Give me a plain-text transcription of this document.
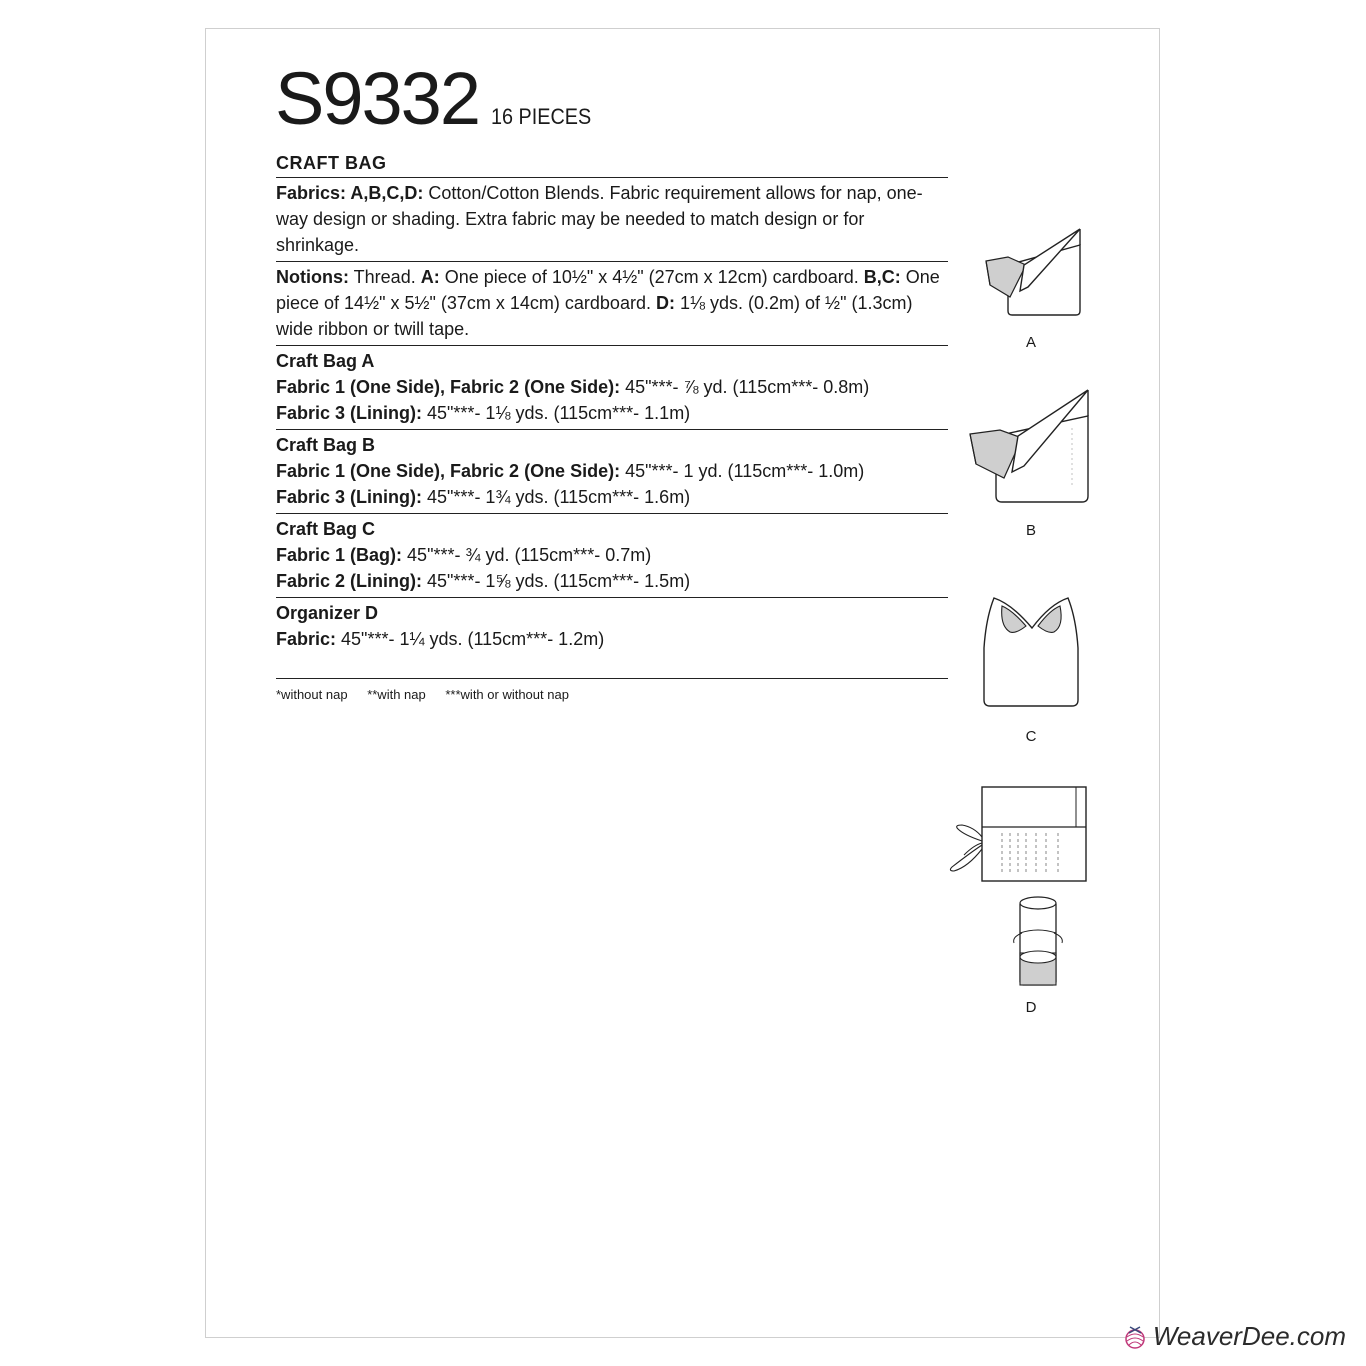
S9332 16 PIECES
CRAFT BAG
Fabrics: A,B,C,D: Cotton/Cotton Blends. Fabric requirement allows for nap, one-way design or shading. Extra fabric may be needed to match design or for shrinkage.
Notions: Thread. A: One piece of 10½" x 4½" (27cm x 12cm) cardboard. B,C: One piece of 14½" x 5½" (37cm x 14cm) cardboard. D: 1⅛ yds. (0.2m) of ½" (1.3cm) wide ribbon or twill tape.
Craft Bag A
Fabric 1 (One Side), Fabric 2 (One Side): 45"***- ⅞ yd. (115cm***- 0.8m)
Fabric 3 (Lining): 45"***- 1⅛ yds. (115cm***- 1.1m)
Craft Bag B
Fabric 1 (One Side), Fabric 2 (One Side): 45"***- 1 yd. (115cm***- 1.0m)
Fabric 3 (Lining): 45"***- 1¾ yds. (115cm***- 1.6m)
Craft Bag C
Fabric 1 (Bag): 45"***- ¾ yd. (115cm***- 0.7m)
Fabric 2 (Lining): 45"***- 1⅝ yds. (115cm***- 1.5m)
Organizer D
Fabric: 45"***- 1¼ yds. (115cm***- 1.2m)
*without nap **with nap ***with or without nap
A
B
C
D
WeaverDee.com
